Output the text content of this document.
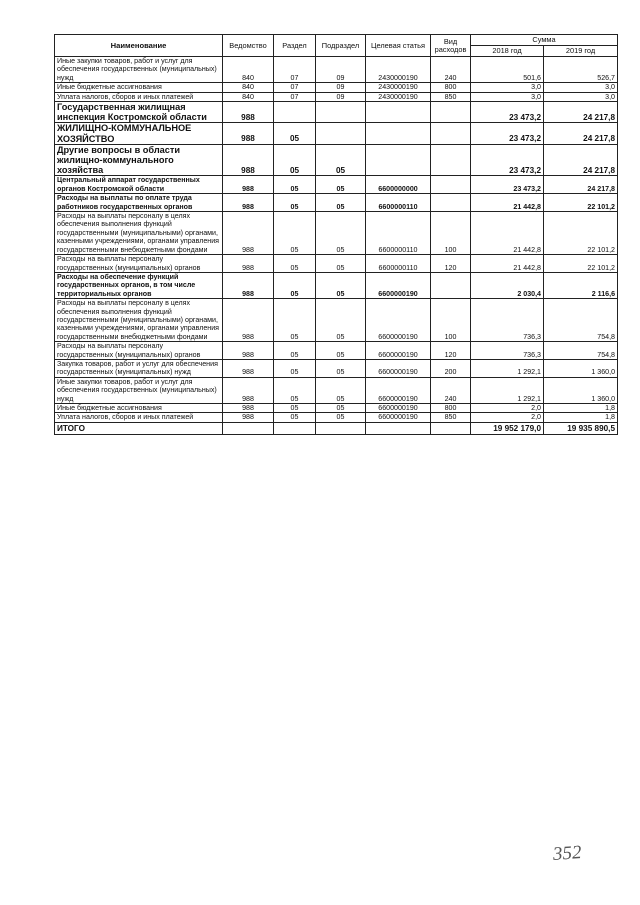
Наименование	Ведомство	Раздел	Подраздел	Целевая статья	Вид расходов	Сумма	
						2018 год	2019 год
Иные закупки товаров, работ и услуг для обеспечения государственных (муниципальных) нужд	840	07	09	2430000190	240	501,6	526,7
Иные бюджетные ассигнования	840	07	09	2430000190	800	3,0	3,0
Уплата налогов, сборов и иных платежей	840	07	09	2430000190	850	3,0	3,0
Государственная жилищная инспекция Костромской области	988					23 473,2	24 217,8
ЖИЛИЩНО-КОММУНАЛЬНОЕ ХОЗЯЙСТВО	988	05				23 473,2	24 217,8
Другие вопросы в области жилищно-коммунального хозяйства	988	05	05			23 473,2	24 217,8
Центральный аппарат государственных органов Костромской области	988	05	05	6600000000		23 473,2	24 217,8
Расходы на выплаты по оплате труда работников государственных органов	988	05	05	6600000110		21 442,8	22 101,2
Расходы на выплаты персоналу в целях обеспечения выполнения функций государственными (муниципальными) органами, казенными учреждениями, органами управления государственными внебюджетными фондами	988	05	05	6600000110	100	21 442,8	22 101,2
Расходы на выплаты персоналу государственных (муниципальных) органов	988	05	05	6600000110	120	21 442,8	22 101,2
Расходы на обеспечение функций государственных органов, в том числе территориальных органов	988	05	05	6600000190		2 030,4	2 116,6
Расходы на выплаты персоналу в целях обеспечения выполнения функций государственными (муниципальными) органами, казенными учреждениями, органами управления государственными внебюджетными фондами	988	05	05	6600000190	100	736,3	754,8
Расходы на выплаты персоналу государственных (муниципальных) органов	988	05	05	6600000190	120	736,3	754,8
Закупка товаров, работ и услуг для обеспечения государственных (муниципальных) нужд	988	05	05	6600000190	200	1 292,1	1 360,0
Иные закупки товаров, работ и услуг для обеспечения государственных (муниципальных) нужд	988	05	05	6600000190	240	1 292,1	1 360,0
Иные бюджетные ассигнования	988	05	05	6600000190	800	2,0	1,8
Уплата налогов, сборов и иных платежей	988	05	05	6600000190	850	2,0	1,8
ИТОГО						19 952 179,0	19 935 890,5
352
